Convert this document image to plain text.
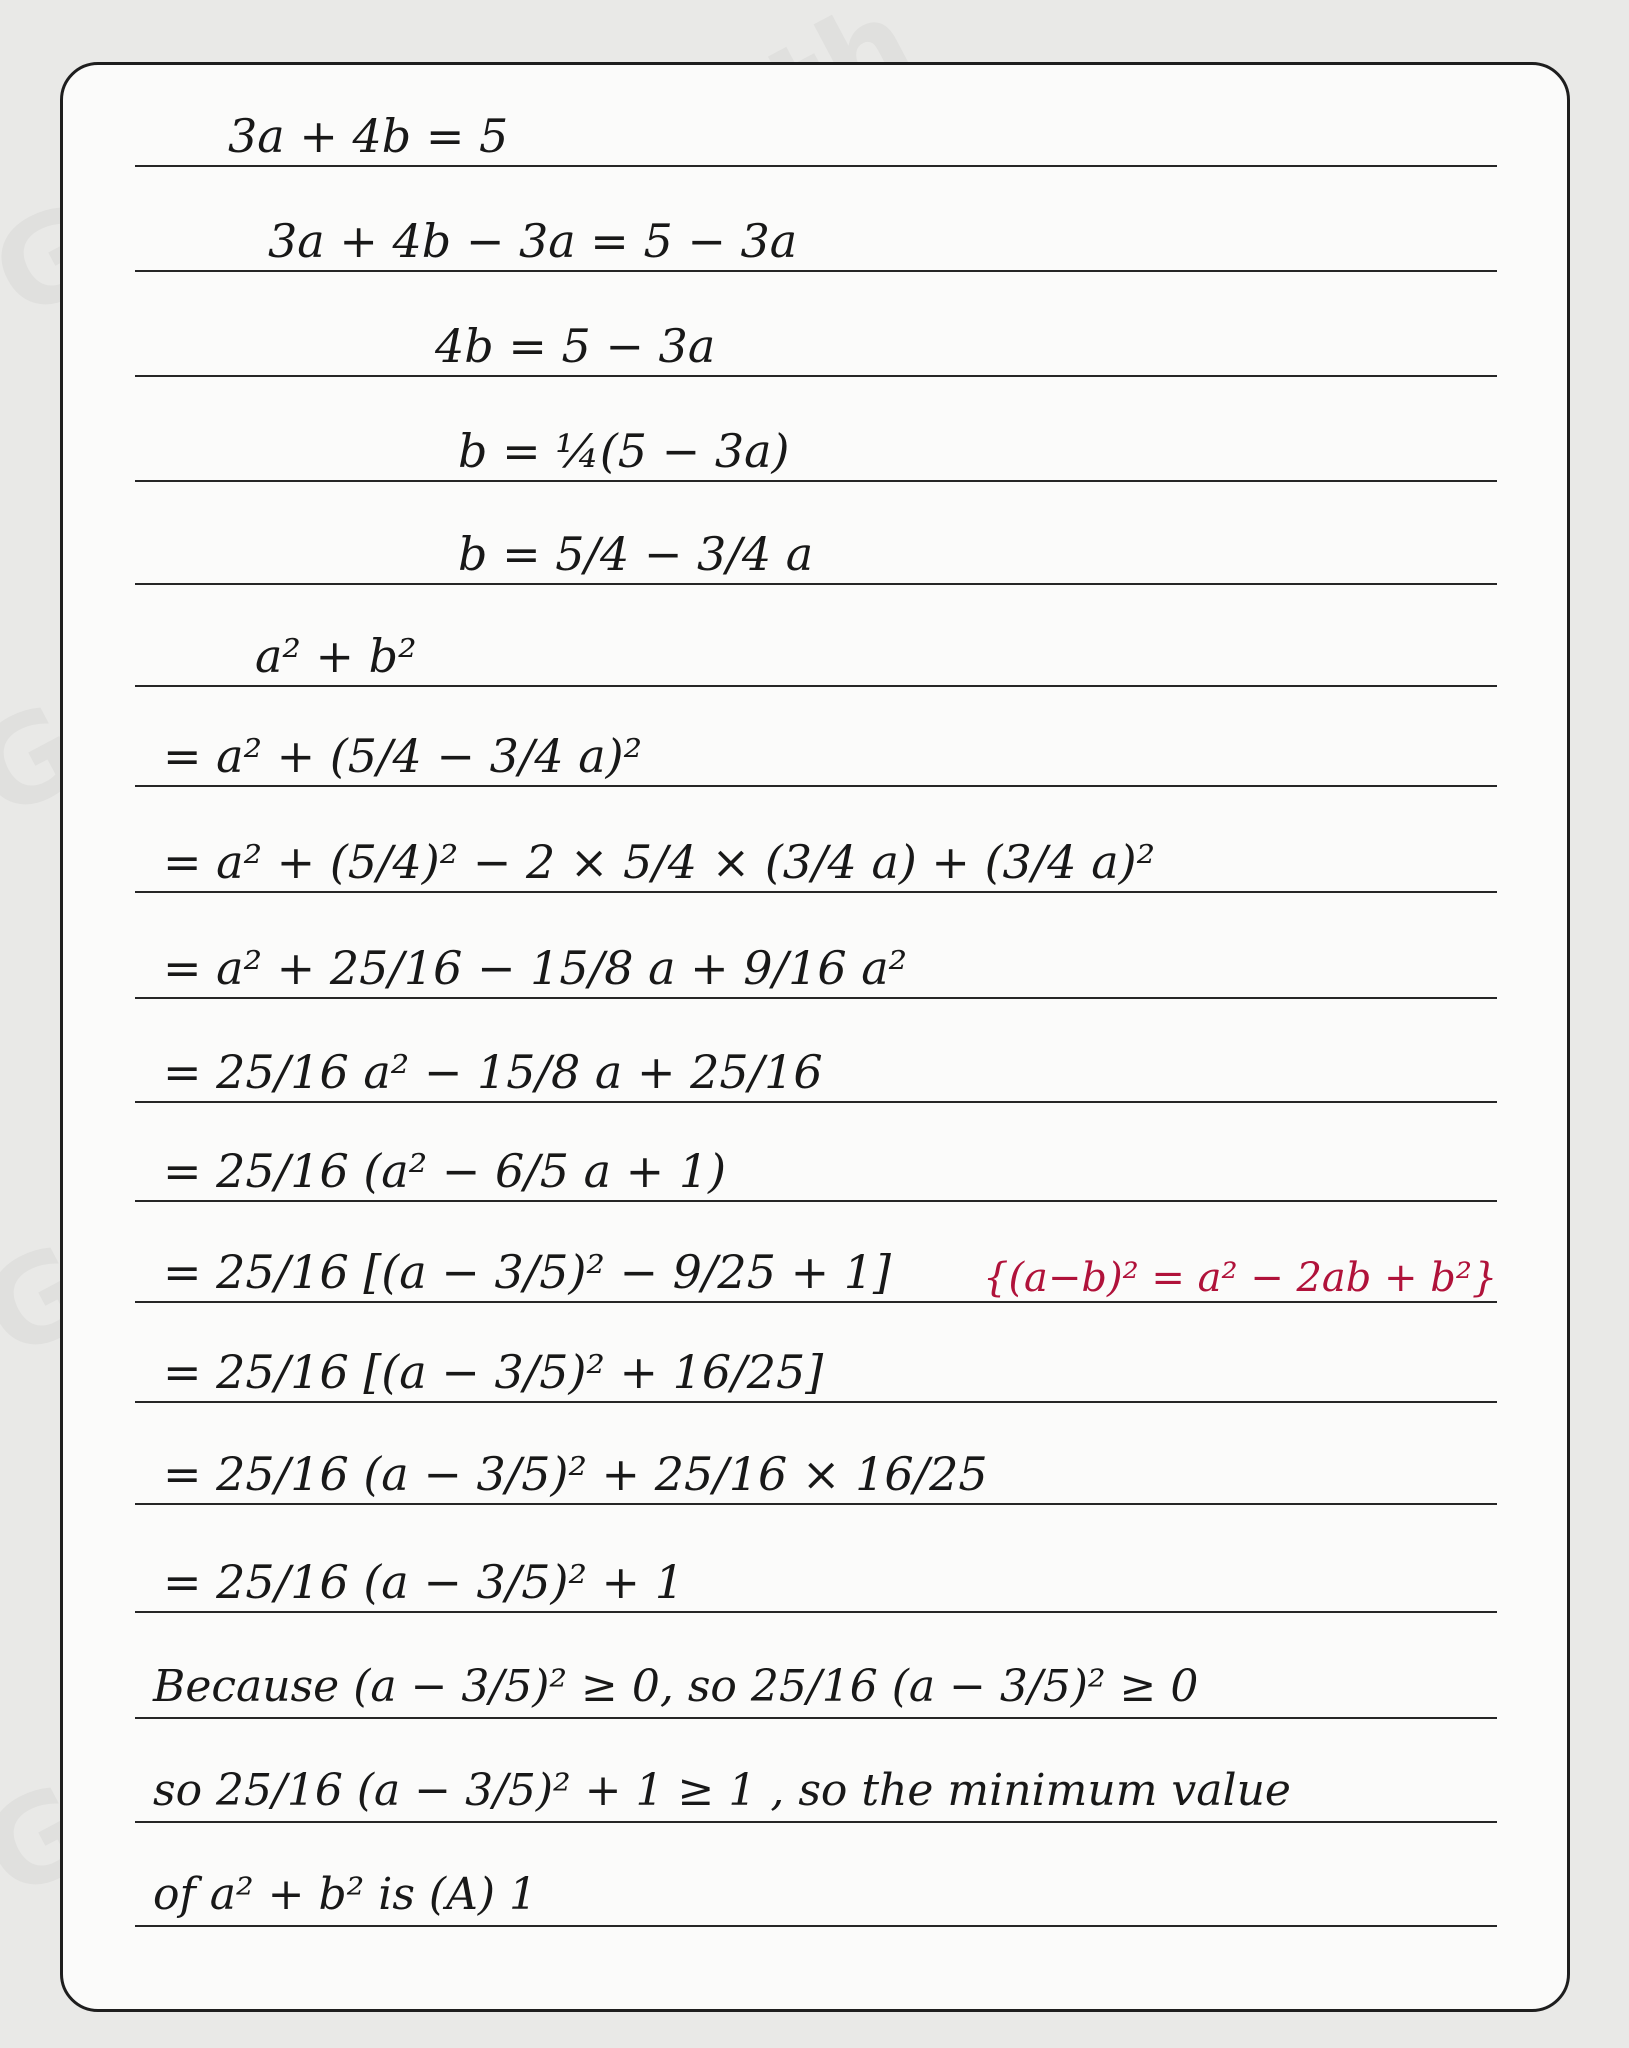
3a + 4b = 5
3a + 4b − 3a = 5 − 3a
4b = 5 − 3a
b = ¼(5 − 3a)
b = 5/4 − 3/4 a
a² + b²
= a² + (5/4 − 3/4 a)²
= a² + (5/4)² − 2 × 5/4 × (3/4 a) + (3/4 a)²
= a² + 25/16 − 15/8 a + 9/16 a²
= 25/16 a² − 15/8 a + 25/16
= 25/16 (a² − 6/5 a + 1)
= 25/16 [(a − 3/5)² − 9/25 + 1] {(a−b)² = a² − 2ab + b²}
= 25/16 [(a − 3/5)² + 16/25]
= 25/16 (a − 3/5)² + 25/16 × 16/25
= 25/16 (a − 3/5)² + 1
Because (a − 3/5)² ≥ 0, so 25/16 (a − 3/5)² ≥ 0
so 25/16 (a − 3/5)² + 1 ≥ 1 , so the minimum value
of a² + b² is (A) 1
